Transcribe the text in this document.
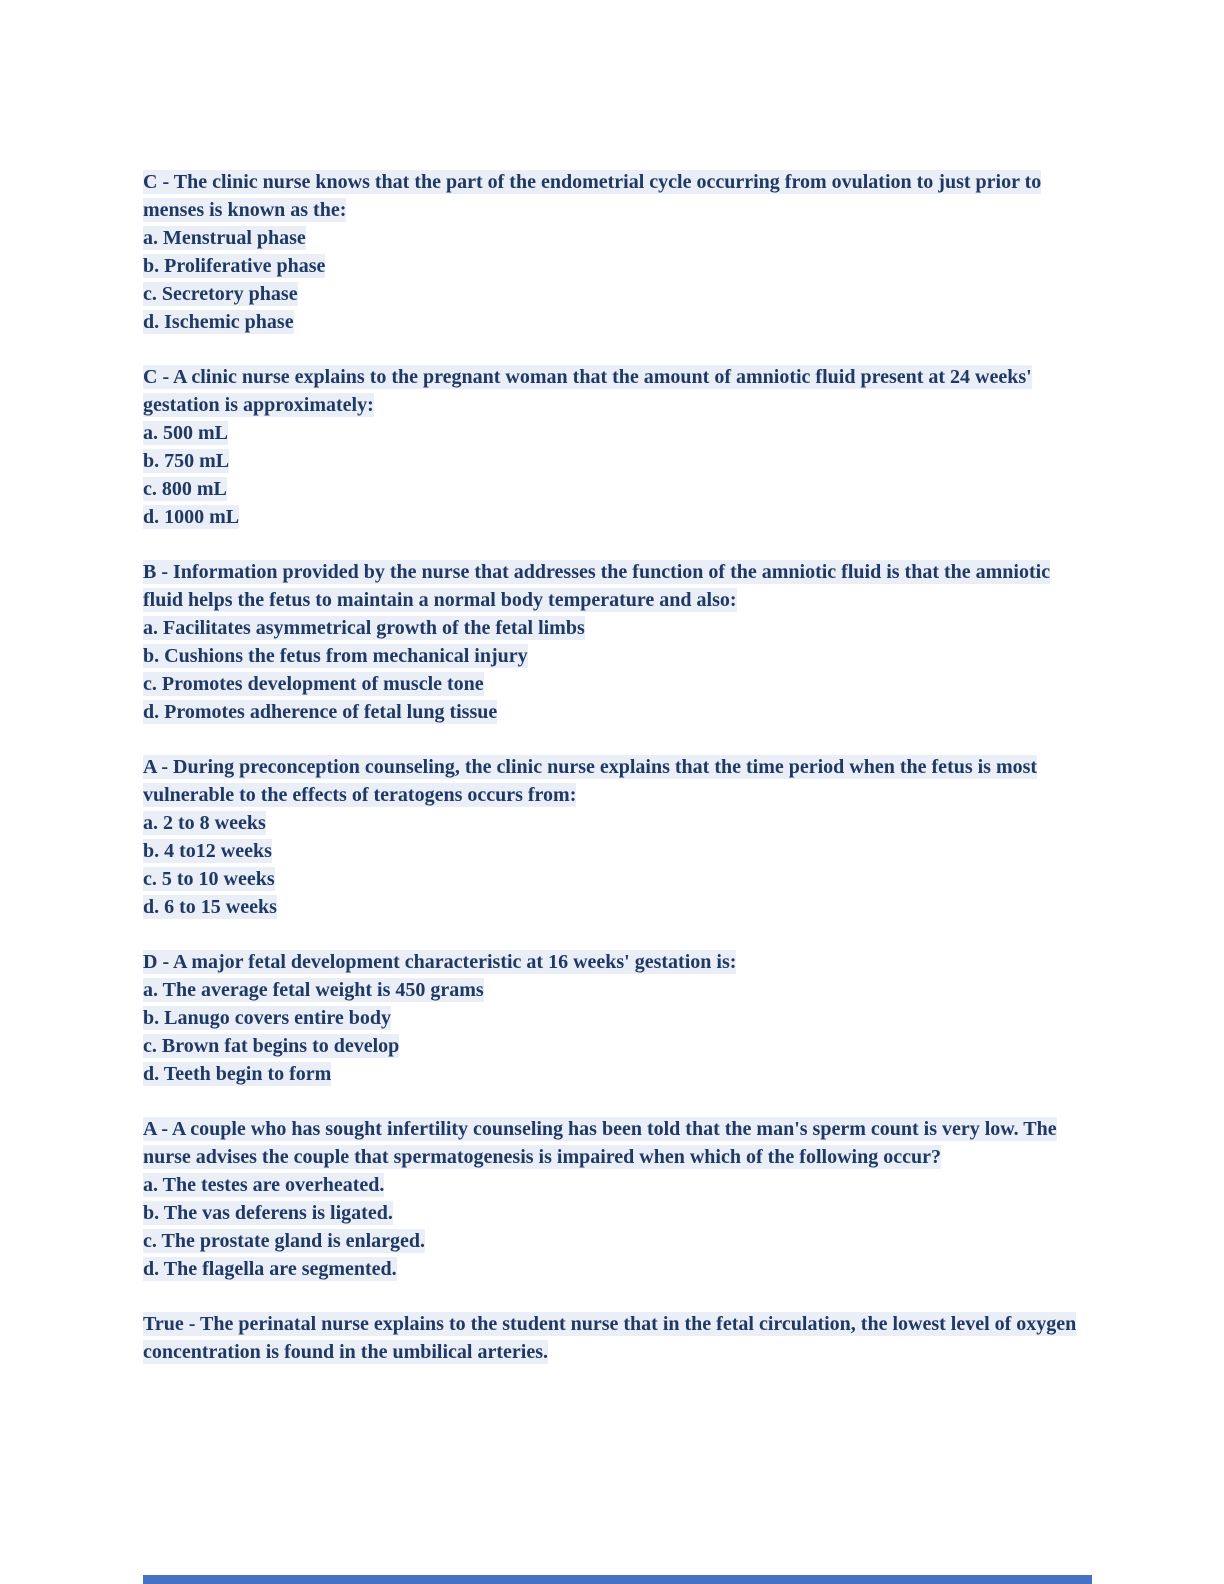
C - The clinic nurse knows that the part of the endometrial cycle occurring from ovulation to just prior to menses is known as the:

a. Menstrual phase
b. Proliferative phase
c. Secretory phase
d. Ischemic phase

C - A clinic nurse explains to the pregnant woman that the amount of amniotic fluid present at 24 weeks' gestation is approximately:

a. 500 mL
b. 750 mL
c. 800 mL
d. 1000 mL

B - Information provided by the nurse that addresses the function of the amniotic fluid is that the amniotic fluid helps the fetus to maintain a normal body temperature and also:

a. Facilitates asymmetrical growth of the fetal limbs
b. Cushions the fetus from mechanical injury
c. Promotes development of muscle tone
d. Promotes adherence of fetal lung tissue

A - During preconception counseling, the clinic nurse explains that the time period when the fetus is most vulnerable to the effects of teratogens occurs from:

a. 2 to 8 weeks
b. 4 to12 weeks
c. 5 to 10 weeks
d. 6 to 15 weeks

D - A major fetal development characteristic at 16 weeks' gestation is:

a. The average fetal weight is 450 grams
b. Lanugo covers entire body
c. Brown fat begins to develop
d. Teeth begin to form

A - A couple who has sought infertility counseling has been told that the man's sperm count is very low. The nurse advises the couple that spermatogenesis is impaired when which of the following occur?

a. The testes are overheated.
b. The vas deferens is ligated.
c. The prostate gland is enlarged.
d. The flagella are segmented.

True - The perinatal nurse explains to the student nurse that in the fetal circulation, the lowest level of oxygen concentration is found in the umbilical arteries.
